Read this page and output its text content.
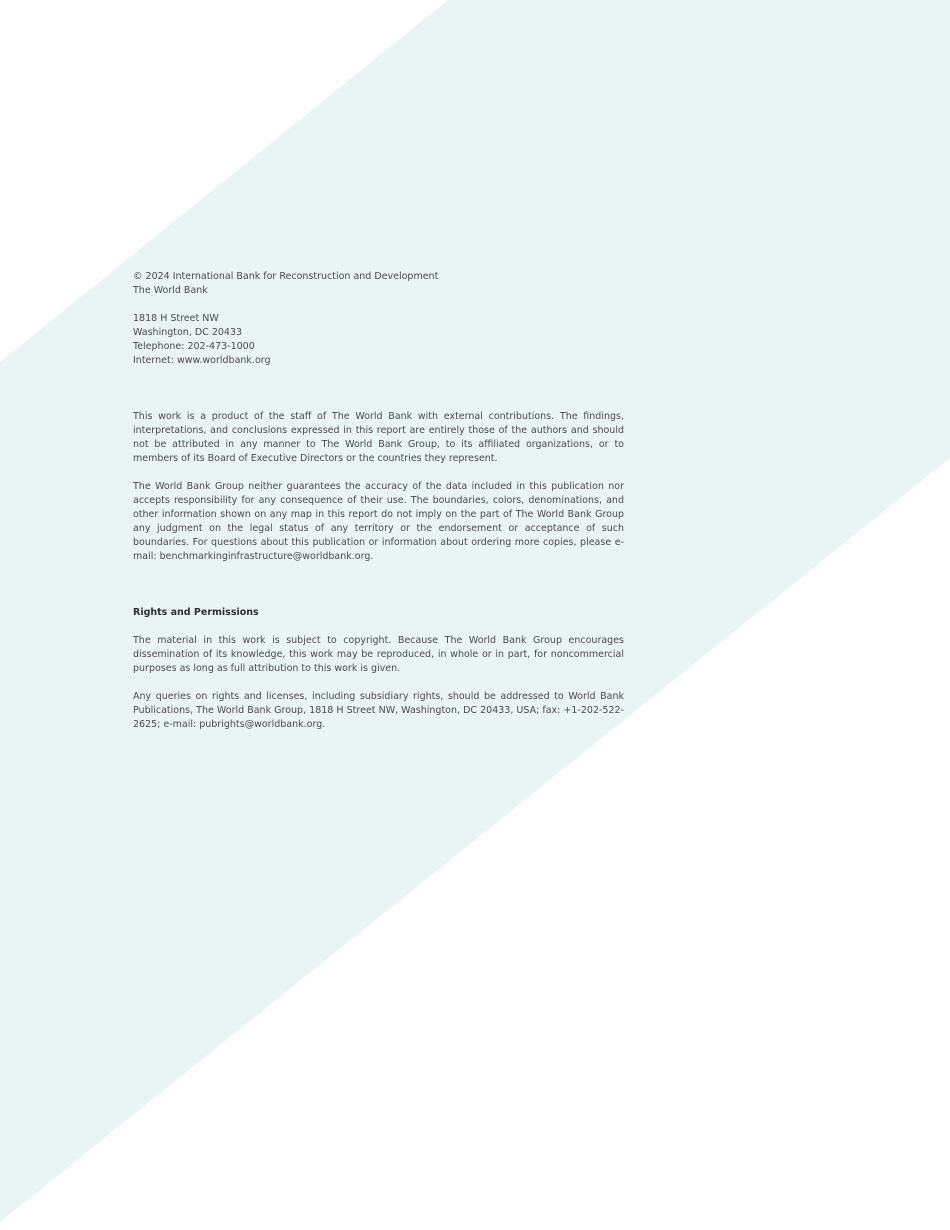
© 2024 International Bank for Reconstruction and Development
The World Bank
1818 H Street NW
Washington, DC 20433
Telephone: 202-473-1000
Internet: www.worldbank.org

This work is a product of the staff of The World Bank with external contributions. The findings, interpretations, and conclusions expressed in this report are entirely those of the authors and should not be attributed in any manner to The World Bank Group, to its affiliated organizations, or to members of its Board of Executive Directors or the countries they represent.

The World Bank Group neither guarantees the accuracy of the data included in this publication nor accepts responsibility for any consequence of their use. The boundaries, colors, denominations, and other information shown on any map in this report do not imply on the part of The World Bank Group any judgment on the legal status of any territory or the endorsement or acceptance of such boundaries. For questions about this publication or information about ordering more copies, please e-mail: benchmarkinginfrastructure@worldbank.org.

Rights and Permissions

The material in this work is subject to copyright. Because The World Bank Group encourages dissemination of its knowledge, this work may be reproduced, in whole or in part, for noncommercial purposes as long as full attribution to this work is given.

Any queries on rights and licenses, including subsidiary rights, should be addressed to World Bank Publications, The World Bank Group, 1818 H Street NW, Washington, DC 20433, USA; fax: +1-202-522-2625; e-mail: pubrights@worldbank.org.
